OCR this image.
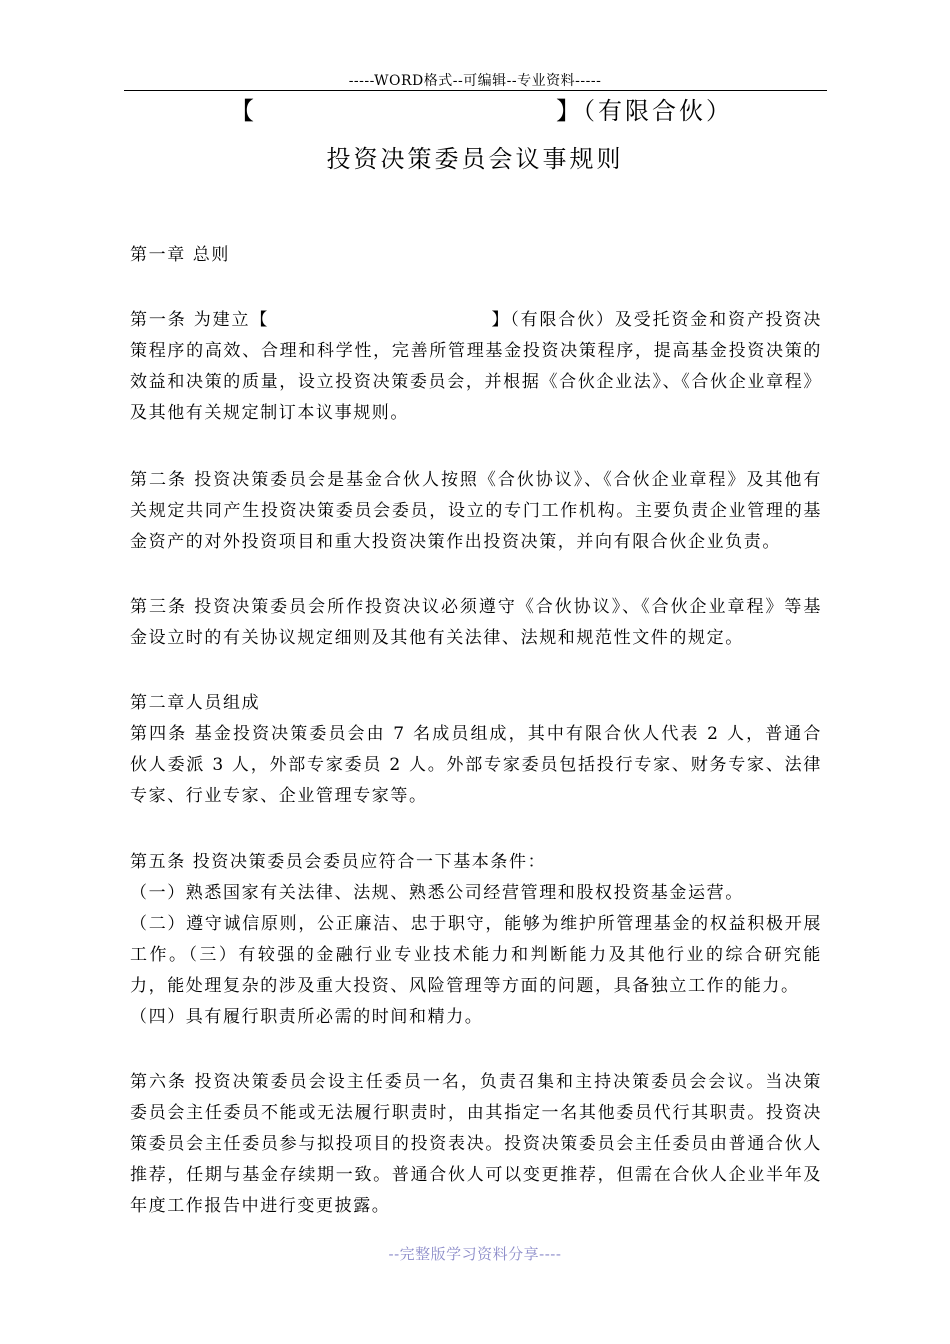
-----WORD格式--可编辑--专业资料-----
【	】（有限合伙）
投资决策委员会议事规则
第一章 总则

第一条 为建立【	】（有限合伙）及受托资金和资产投资决策程序的高效、合理和科学性，完善所管理基金投资决策程序，提高基金投资决策的效益和决策的质量，设立投资决策委员会，并根据《合伙企业法》、《合伙企业章程》及其他有关规定制订本议事规则。

第二条 投资决策委员会是基金合伙人按照《合伙协议》、《合伙企业章程》及其他有关规定共同产生投资决策委员会委员，设立的专门工作机构。主要负责企业管理的基金资产的对外投资项目和重大投资决策作出投资决策，并向有限合伙企业负责。
第三条 投资决策委员会所作投资决议必须遵守《合伙协议》、《合伙企业章程》等基金设立时的有关协议规定细则及其他有关法律、法规和规范性文件的规定。
第二章人员组成
第四条 基金投资决策委员会由 7 名成员组成，其中有限合伙人代表 2 人，普通合伙人委派 3 人，外部专家委员 2 人。外部专家委员包括投行专家、财务专家、法律专家、行业专家、企业管理专家等。

第五条 投资决策委员会委员应符合一下基本条件：

（一）熟悉国家有关法律、法规、熟悉公司经营管理和股权投资基金运营。

（二）遵守诚信原则，公正廉洁、忠于职守，能够为维护所管理基金的权益积极开展工作。（三）有较强的金融行业专业技术能力和判断能力及其他行业的综合研究能力，能处理复杂的涉及重大投资、风险管理等方面的问题，具备独立工作的能力。

（四）具有履行职责所必需的时间和精力。

第六条 投资决策委员会设主任委员一名，负责召集和主持决策委员会会议。当决策委员会主任委员不能或无法履行职责时，由其指定一名其他委员代行其职责。投资决策委员会主任委员参与拟投项目的投资表决。投资决策委员会主任委员由普通合伙人推荐，任期与基金存续期一致。普通合伙人可以变更推荐，但需在合伙人企业半年及年度工作报告中进行变更披露。
--完整版学习资料分享----
